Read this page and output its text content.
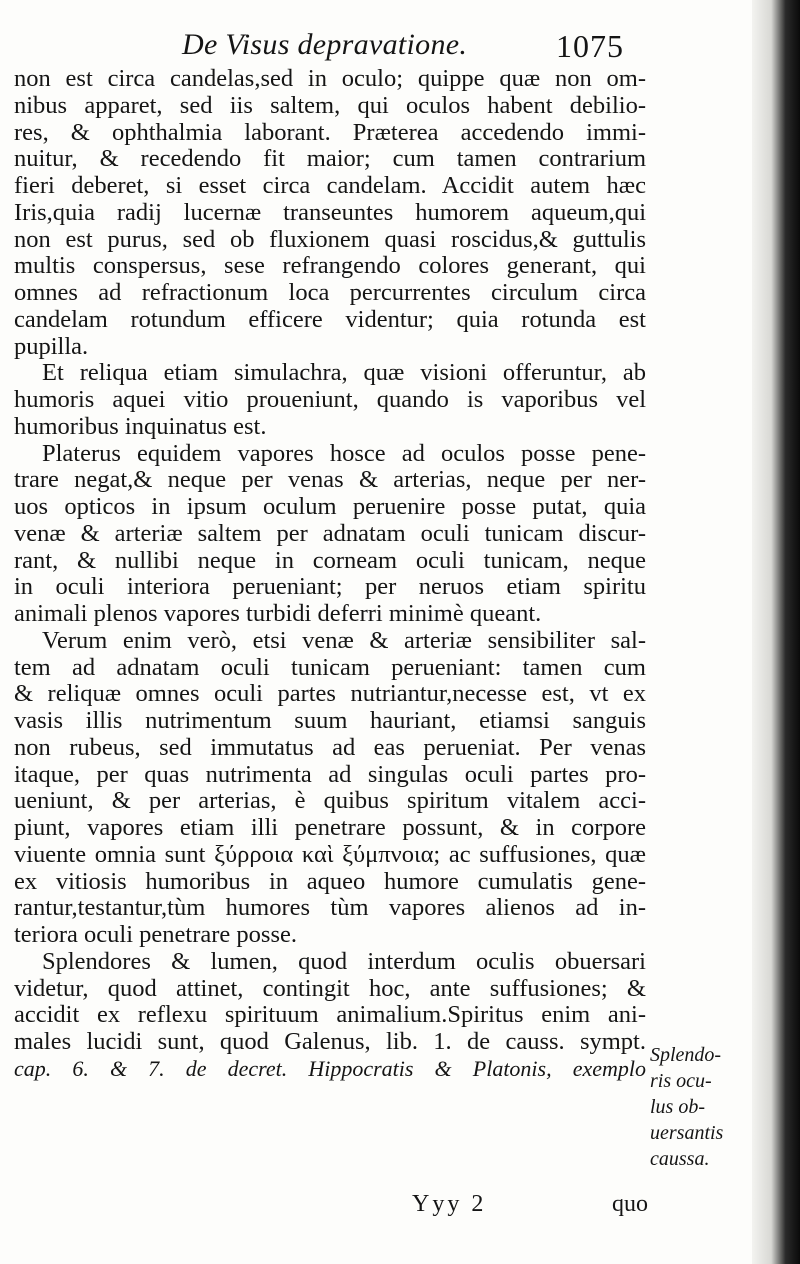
De Visus depravatione.	1075
non est circa candelas,sed in oculo; quippe quæ non om-
nibus apparet, sed iis saltem, qui oculos habent debilio-
res, & ophthalmia laborant. Præterea accedendo immi-
nuitur, & recedendo fit maior; cum tamen contrarium
fieri deberet, si esset circa candelam. Accidit autem hæc
Iris,quia radij lucernæ transeuntes humorem aqueum,qui
non est purus, sed ob fluxionem quasi roscidus,& guttulis
multis conspersus, sese refrangendo colores generant, qui
omnes ad refractionum loca percurrentes circulum circa
candelam rotundum efficere videntur; quia rotunda est
pupilla.
Et reliqua etiam simulachra, quæ visioni offeruntur, ab
humoris aquei vitio proueniunt, quando is vaporibus vel
humoribus inquinatus est.
Platerus equidem vapores hosce ad oculos posse pene-
trare negat,& neque per venas & arterias, neque per ner-
uos opticos in ipsum oculum peruenire posse putat, quia
venæ & arteriæ saltem per adnatam oculi tunicam discur-
rant, & nullibi neque in corneam oculi tunicam, neque
in oculi interiora perueniant; per neruos etiam spiritu
animali plenos vapores turbidi deferri minimè queant.
Verum enim verò, etsi venæ & arteriæ sensibiliter sal-
tem ad adnatam oculi tunicam perueniant: tamen cum
& reliquæ omnes oculi partes nutriantur,necesse est, vt ex
vasis illis nutrimentum suum hauriant, etiamsi sanguis
non rubeus, sed immutatus ad eas perueniat. Per venas
itaque, per quas nutrimenta ad singulas oculi partes pro-
ueniunt, & per arterias, è quibus spiritum vitalem acci-
piunt, vapores etiam illi penetrare possunt, & in corpore
viuente omnia sunt ξύρροια καὶ ξύμπνοια; ac suffusiones, quæ
ex vitiosis humoribus in aqueo humore cumulatis gene-
rantur,testantur,tùm humores tùm vapores alienos ad in-
teriora oculi penetrare posse.
Splendores & lumen, quod interdum oculis obuersari
videtur, quod attinet, contingit hoc, ante suffusiones; &
accidit ex reflexu spirituum animalium.Spiritus enim ani-
males lucidi sunt, quod Galenus, lib. 1. de causs. sympt.
cap. 6. & 7. de decret. Hippocratis & Platonis, exemplo
Splendo-
ris ocu-
lus ob-
uersantis
caussa.
Yyy 2	quo
